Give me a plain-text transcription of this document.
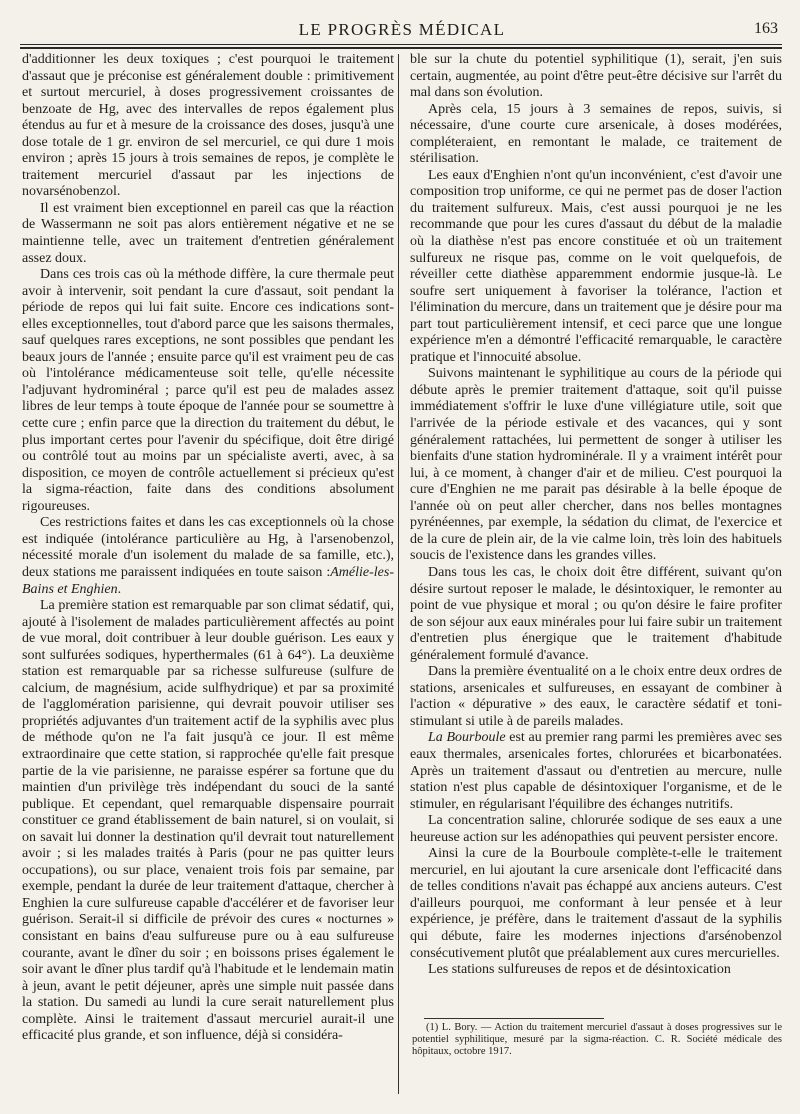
LE PROGRÈS MÉDICAL	163

d'additionner les deux toxiques ; c'est pourquoi le traitement d'assaut que je préconise est généralement double : primitivement et surtout mercuriel, à doses progressivement croissantes de benzoate de Hg, avec des intervalles de repos également plus étendus au fur et à mesure de la croissance des doses, jusqu'à une dose totale de 1 gr. environ de sel mercuriel, ce qui dure 1 mois environ ; après 15 jours à trois semaines de repos, je complète le traitement mercuriel d'assaut par les injections de novarsénobenzol.

Il est vraiment bien exceptionnel en pareil cas que la réaction de Wassermann ne soit pas alors entièrement négative et ne se maintienne telle, avec un traitement d'entretien généralement assez doux.

Dans ces trois cas où la méthode diffère, la cure thermale peut avoir à intervenir, soit pendant la cure d'assaut, soit pendant la période de repos qui lui fait suite. Encore ces indications sont-elles exceptionnelles, tout d'abord parce que les saisons thermales, sauf quelques rares exceptions, ne sont possibles que pendant les beaux jours de l'année ; ensuite parce qu'il est vraiment peu de cas où l'intolérance médicamenteuse soit telle, qu'elle nécessite l'adjuvant hydrominéral ; parce qu'il est peu de malades assez libres de leur temps à toute époque de l'année pour se soumettre à cette cure ; enfin parce que la direction du traitement du début, le plus important certes pour l'avenir du spécifique, doit être dirigé ou contrôlé tout au moins par un spécialiste averti, avec, à sa disposition, ce moyen de contrôle actuellement si précieux qu'est la sigma-réaction, faite dans des conditions absolument rigoureuses.

Ces restrictions faites et dans les cas exceptionnels où la chose est indiquée (intolérance particulière au Hg, à l'arsenobenzol, nécessité morale d'un isolement du malade de sa famille, etc.), deux stations me paraissent indiquées en toute saison :Amélie-les-Bains et Enghien.

La première station est remarquable par son climat sédatif, qui, ajouté à l'isolement de malades particulièrement affectés au point de vue moral, doit contribuer à leur double guérison. Les eaux y sont sulfurées sodiques, hyperthermales (61 à 64°). La deuxième station est remarquable par sa richesse sulfureuse (sulfure de calcium, de magnésium, acide sulfhydrique) et par sa proximité de l'agglomération parisienne, qui devrait pouvoir utiliser ses propriétés adjuvantes d'un traitement actif de la syphilis avec plus de méthode qu'on ne l'a fait jusqu'à ce jour. Il est même extraordinaire que cette station, si rapprochée qu'elle fait presque partie de la vie parisienne, ne paraisse espérer sa fortune que du maintien d'un privilège très indépendant du souci de la santé publique. Et cependant, quel remarquable dispensaire pourrait constituer ce grand établissement de bain naturel, si on voulait, si on savait lui donner la destination qu'il devrait tout naturellement avoir ; si les malades traités à Paris (pour ne pas quitter leurs occupations), ou sur place, venaient trois fois par semaine, par exemple, pendant la durée de leur traitement d'attaque, chercher à Enghien la cure sulfureuse capable d'accélérer et de favoriser leur guérison. Serait-il si difficile de prévoir des cures « nocturnes » consistant en bains d'eau sulfureuse pure ou à eau sulfureuse courante, avant le dîner du soir ; en boissons prises également le soir avant le dîner plus tardif qu'à l'habitude et le lendemain matin à jeun, avant le petit déjeuner, après une simple nuit passée dans la station. Du samedi au lundi la cure serait naturellement plus complète. Ainsi le traitement d'assaut mercuriel aurait-il une efficacité plus grande, et son influence, déjà si considéra-

ble sur la chute du potentiel syphilitique (1), serait, j'en suis certain, augmentée, au point d'être peut-être décisive sur l'arrêt du mal dans son évolution.

Après cela, 15 jours à 3 semaines de repos, suivis, si nécessaire, d'une courte cure arsenicale, à doses modérées, compléteraient, en remontant le malade, ce traitement de stérilisation.

Les eaux d'Enghien n'ont qu'un inconvénient, c'est d'avoir une composition trop uniforme, ce qui ne permet pas de doser l'action du traitement sulfureux. Mais, c'est aussi pourquoi je ne les recommande que pour les cures d'assaut du début de la maladie où la diathèse n'est pas encore constituée et où un traitement sulfureux ne risque pas, comme on le voit quelquefois, de réveiller cette diathèse apparemment endormie jusque-là. Le soufre sert uniquement à favoriser la tolérance, l'action et l'élimination du mercure, dans un traitement que je désire pour ma part tout particulièrement intensif, et ceci parce que une longue expérience m'en a démontré l'efficacité remarquable, le caractère pratique et l'innocuité absolue.

Suivons maintenant le syphilitique au cours de la période qui débute après le premier traitement d'attaque, soit qu'il puisse immédiatement s'offrir le luxe d'une villégiature utile, soit que l'arrivée de la période estivale et des vacances, qui y sont généralement rattachées, lui permettent de songer à utiliser les bienfaits d'une station hydrominérale. Il y a vraiment intérêt pour lui, à ce moment, à changer d'air et de milieu. C'est pourquoi la cure d'Enghien ne me parait pas désirable à la belle époque de l'année où on peut aller chercher, dans nos belles montagnes pyrénéennes, par exemple, la sédation du climat, de l'exercice et de la cure de plein air, de la vie calme loin, très loin des habituels soucis de l'existence dans les grandes villes.

Dans tous les cas, le choix doit être différent, suivant qu'on désire surtout reposer le malade, le désintoxiquer, le remonter au point de vue physique et moral ; ou qu'on désire le faire profiter de son séjour aux eaux minérales pour lui faire subir un traitement d'entretien plus énergique que le traitement d'habitude généralement formulé d'avance.

Dans la première éventualité on a le choix entre deux ordres de stations, arsenicales et sulfureuses, en essayant de combiner à l'action « dépurative » des eaux, le caractère sédatif et toni-stimulant si utile à de pareils malades.

La Bourboule est au premier rang parmi les premières avec ses eaux thermales, arsenicales fortes, chlorurées et bicarbonatées. Après un traitement d'assaut ou d'entretien au mercure, nulle station n'est plus capable de désintoxiquer l'organisme, et de le stimuler, en régularisant l'équilibre des échanges nutritifs.

La concentration saline, chlorurée sodique de ses eaux a une heureuse action sur les adénopathies qui peuvent persister encore.

Ainsi la cure de la Bourboule complète-t-elle le traitement mercuriel, en lui ajoutant la cure arsenicale dont l'efficacité dans de telles conditions n'avait pas échappé aux anciens auteurs. C'est d'ailleurs pourquoi, me conformant à leur pensée et à leur expérience, je préfère, dans le traitement d'assaut de la syphilis qui débute, faire les modernes injections d'arsénobenzol consécutivement plutôt que préalablement aux cures mercurielles.

Les stations sulfureuses de repos et de désintoxication

(1) L. Bory. — Action du traitement mercuriel d'assaut à doses progressives sur le potentiel syphilitique, mesuré par la sigma-réaction. C. R. Société médicale des hôpitaux, octobre 1917.
